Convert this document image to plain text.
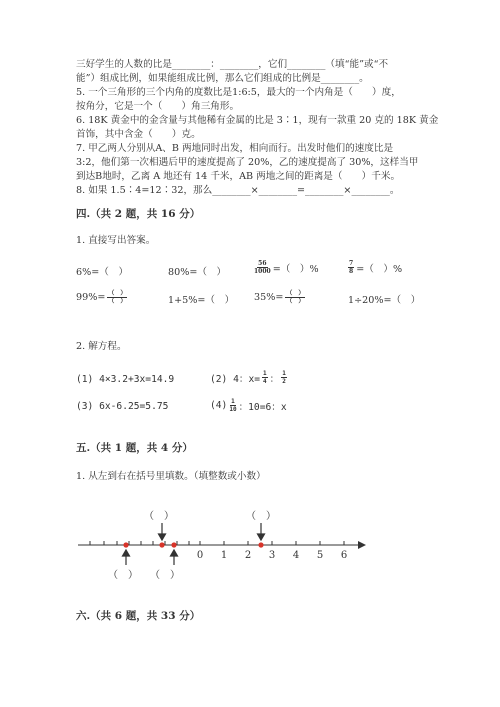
三好学生的人数的比是________：________，它们________（填“能”或“不
能”）组成比例，如果能组成比例，那么它们组成的比例是________。
5. 一个三角形的三个内角的度数比是1:6:5，最大的一个内角是（　　）度，
按角分，它是一个（　　）角三角形。
6. 18K 黄金中的金含量与其他稀有金属的比是 3∶1，现有一款重 20 克的 18K 黄金
首饰，其中含金（　　）克。
7. 甲乙两人分别从A、B 两地同时出发，相向而行。出发时他们的速度比是
3:2，他们第一次相遇后甲的速度提高了 20%，乙的速度提高了 30%，这样当甲
到达B地时，乙离 A 地还有 14 千米，AB 两地之间的距离是（　　）千米。
8. 如果 1.5∶4=12∶32，那么________×________=________×________。
四.（共 2 题，共 16 分）
1. 直接写出答案。
6%=（　）	80%=（　）	$\frac{56}{1000}$ =（　）%	$\frac{7}{8}$ =（　）%
$99\%= \frac{( )}{( )}$	1+5%=（　） $35\%= \frac{( )}{( )}$	1÷20%=（　）
2. 解方程。
(1) 4×3.2+3x=14.9	(2) 4：$x= \frac{1}{4}$ ： $\frac{1}{2}$
(3) 6x-6.25=5.75	$(4) \frac{1}{10}$ ：10=6：x
五.（共 1 题，共 4 分）
1. 从左到右在括号里填数。（填整数或小数）
0 1 2 3 4 5 6
（　）	（　）
（　） （　）
六.（共 6 题，共 33 分）
